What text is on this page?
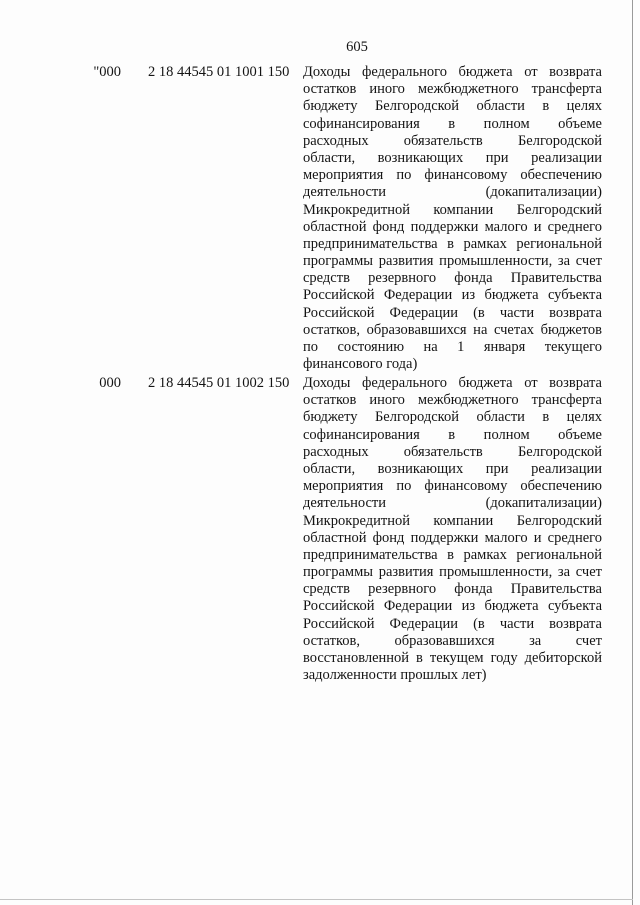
605
"000 2 18 44545 01 1001 150 Доходы федерального бюджета от возврата
остатков иного межбюджетного трансферта
бюджету Белгородской области в целях
софинансирования в полном объеме
расходных обязательств Белгородской
области, возникающих при реализации
мероприятия по финансовому обеспечению
деятельности (докапитализации)
Микрокредитной компании Белгородский
областной фонд поддержки малого и среднего
предпринимательства в рамках региональной
программы развития промышленности, за счет
средств резервного фонда Правительства
Российской Федерации из бюджета субъекта
Российской Федерации (в части возврата
остатков, образовавшихся на счетах бюджетов
по состоянию на 1 января текущего
финансового года)
000 2 18 44545 01 1002 150 Доходы федерального бюджета от возврата
остатков иного межбюджетного трансферта
бюджету Белгородской области в целях
софинансирования в полном объеме
расходных обязательств Белгородской
области, возникающих при реализации
мероприятия по финансовому обеспечению
деятельности (докапитализации)
Микрокредитной компании Белгородский
областной фонд поддержки малого и среднего
предпринимательства в рамках региональной
программы развития промышленности, за счет
средств резервного фонда Правительства
Российской Федерации из бюджета субъекта
Российской Федерации (в части возврата
остатков, образовавшихся за счет
восстановленной в текущем году дебиторской
задолженности прошлых лет)
